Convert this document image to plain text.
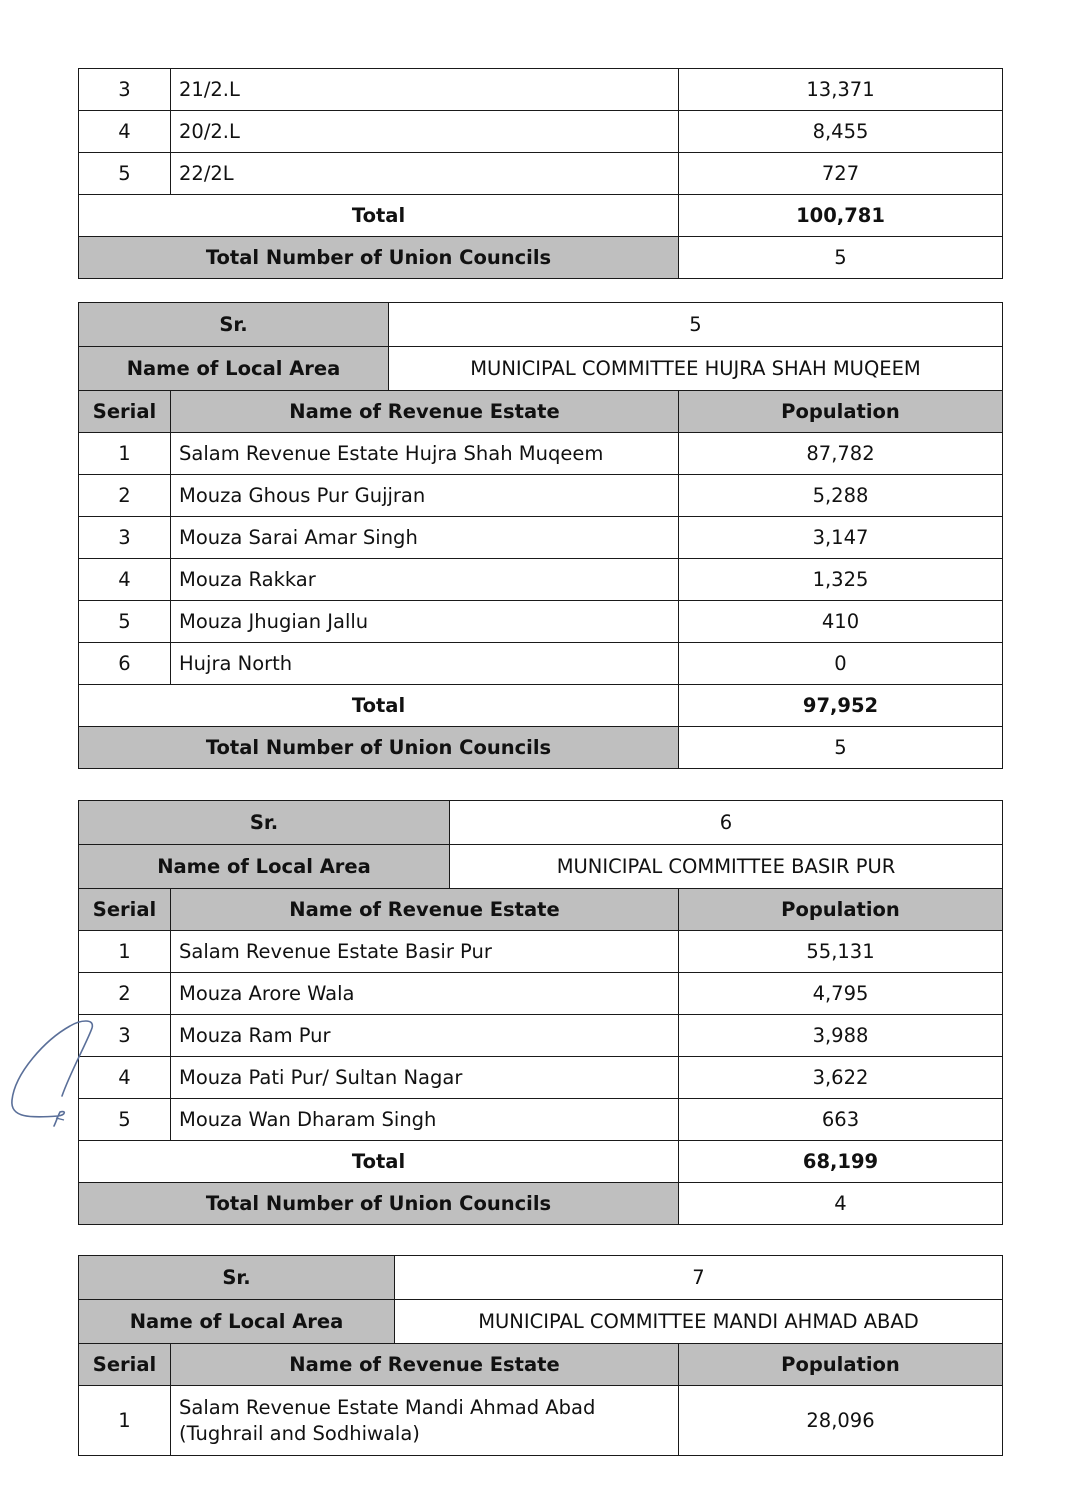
3	21/2.L	13,371
4	20/2.L	8,455
5	22/2L	727
Total		100,781
Total Number of Union Councils		5
Sr.	5
Name of Local Area	MUNICIPAL COMMITTEE HUJRA SHAH MUQEEM
Serial	Name of Revenue Estate	Population
1	Salam Revenue Estate Hujra Shah Muqeem	87,782
2	Mouza Ghous Pur Gujjran	5,288
3	Mouza Sarai Amar Singh	3,147
4	Mouza Rakkar	1,325
5	Mouza Jhugian Jallu	410
6	Hujra North	0
Total		97,952
Total Number of Union Councils		5
Sr.	6
Name of Local Area	MUNICIPAL COMMITTEE BASIR PUR
Serial	Name of Revenue Estate	Population
1	Salam Revenue Estate Basir Pur	55,131
2	Mouza Arore Wala	4,795
3	Mouza Ram Pur	3,988
4	Mouza Pati Pur/ Sultan Nagar	3,622
5	Mouza Wan Dharam Singh	663
Total		68,199
Total Number of Union Councils		4
Sr.	7
Name of Local Area	MUNICIPAL COMMITTEE MANDI AHMAD ABAD
Serial	Name of Revenue Estate	Population
1	Salam Revenue Estate Mandi Ahmad Abad
(Tughrail and Sodhiwala)	28,096
